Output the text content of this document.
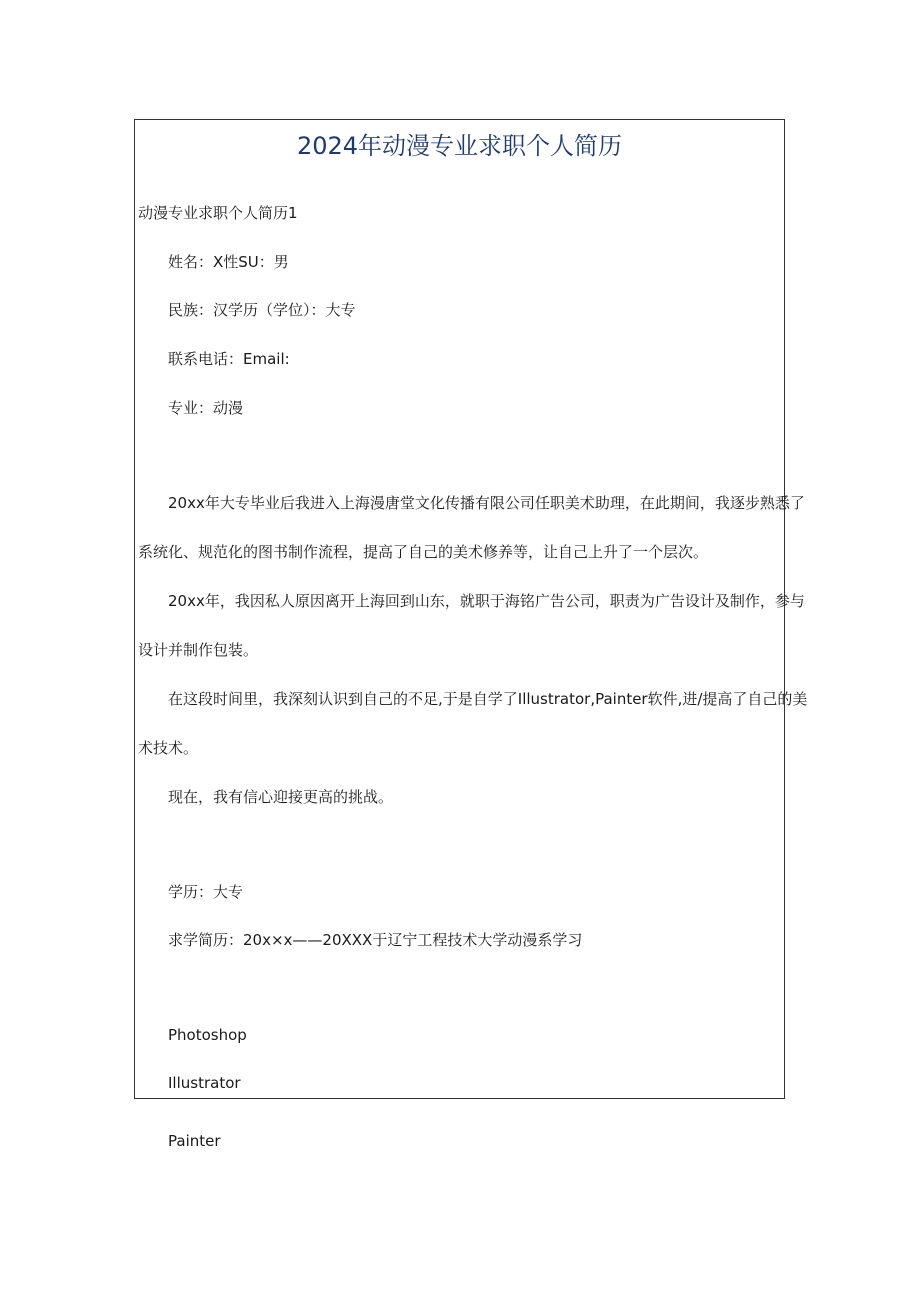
2024年动漫专业求职个人简历
动漫专业求职个人简历1
姓名：X性SU：男
民族：汉学历（学位）：大专
联系电话：Email:
专业：动漫
20xx年大专毕业后我进入上海漫唐堂文化传播有限公司任职美术助理，在此期间，我逐步熟悉了
系统化、规范化的图书制作流程，提高了自己的美术修养等，让自己上升了一个层次。
20xx年，我因私人原因离开上海回到山东，就职于海铭广告公司，职责为广告设计及制作，参与
设计并制作包装。
在这段时间里，我深刻认识到自己的不足,于是自学了Illustrator,Painter软件,进/提高了自己的美
术技术。
现在，我有信心迎接更高的挑战。
学历：大专
求学简历：20x×x——20XXX于辽宁工程技术大学动漫系学习
Photoshop
Illustrator
Painter
